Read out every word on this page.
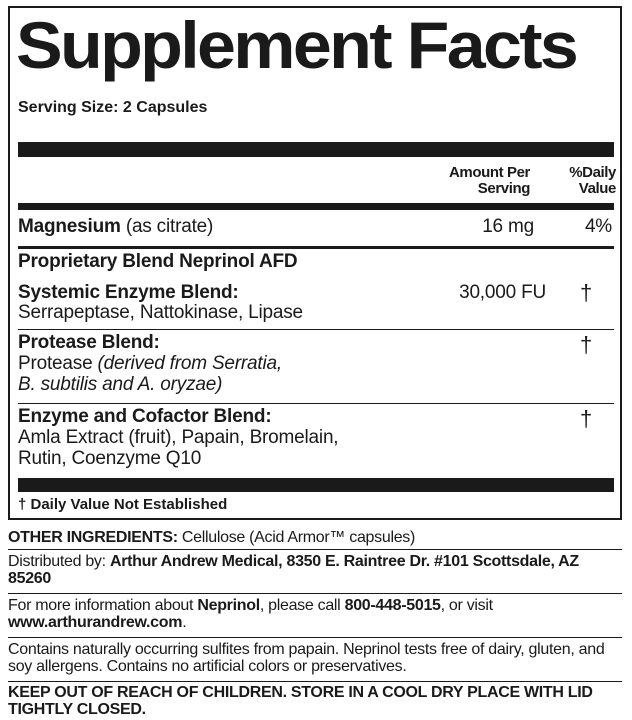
Supplement Facts
Serving Size: 2 Capsules
Amount Per
Serving
%Daily
Value
Magnesium (as citrate)	16 mg	4%
Proprietary Blend Neprinol AFD
Systemic Enzyme Blend:
Serrapeptase, Nattokinase, Lipase
30,000 FU †
Protease Blend:
Protease (derived from Serratia,
B. subtilis and A. oryzae)
†
Enzyme and Cofactor Blend:
Amla Extract (fruit), Papain, Bromelain,
Rutin, Coenzyme Q10
†
† Daily Value Not Established
OTHER INGREDIENTS: Cellulose (Acid Armor™ capsules)
Distributed by: Arthur Andrew Medical, 8350 E. Raintree Dr. #101 Scottsdale, AZ 85260
For more information about Neprinol, please call 800-448-5015, or visit www.arthurandrew.com.
Contains naturally occurring sulfites from papain. Neprinol tests free of dairy, gluten, and soy allergens. Contains no artificial colors or preservatives.
KEEP OUT OF REACH OF CHILDREN. STORE IN A COOL DRY PLACE WITH LID TIGHTLY CLOSED.
